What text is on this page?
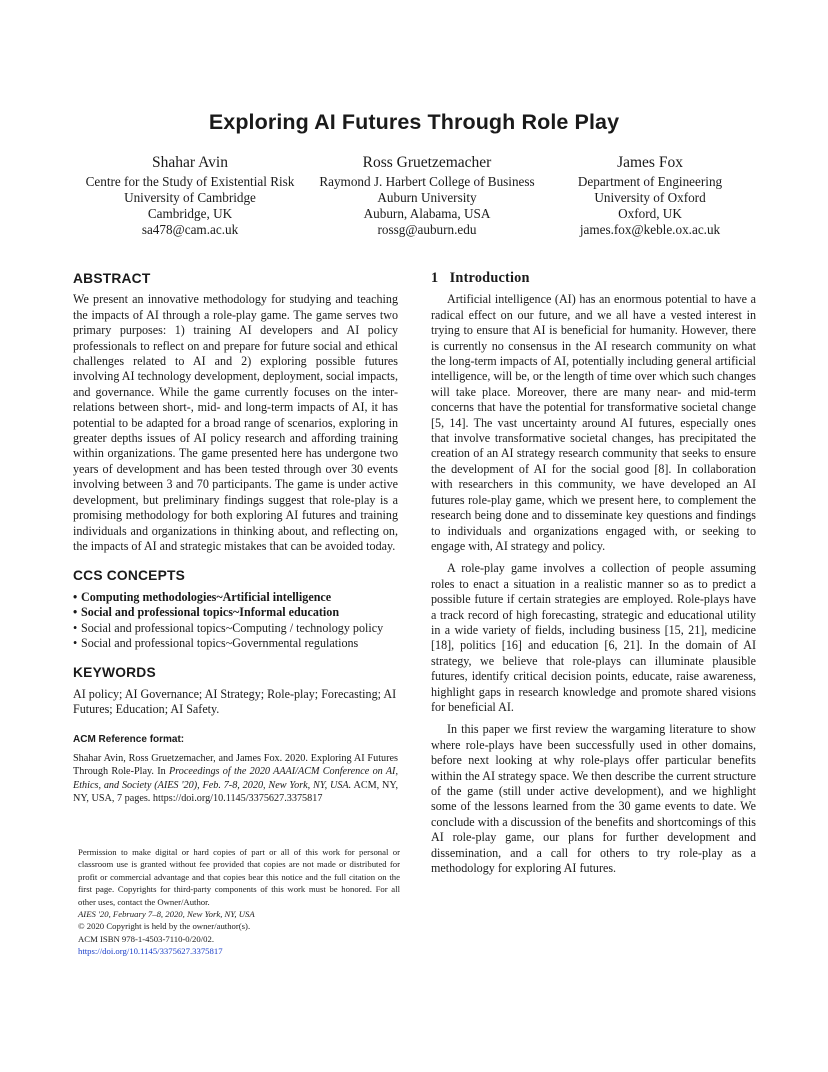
Exploring AI Futures Through Role Play
Shahar Avin
Centre for the Study of Existential Risk
University of Cambridge
Cambridge, UK
sa478@cam.ac.uk
Ross Gruetzemacher
Raymond J. Harbert College of Business
Auburn University
Auburn, Alabama, USA
rossg@auburn.edu
James Fox
Department of Engineering
University of Oxford
Oxford, UK
james.fox@keble.ox.ac.uk
ABSTRACT

We present an innovative methodology for studying and teaching the impacts of AI through a role-play game. The game serves two primary purposes: 1) training AI developers and AI policy professionals to reflect on and prepare for future social and ethical challenges related to AI and 2) exploring possible futures involving AI technology development, deployment, social impacts, and governance. While the game currently focuses on the inter-relations between short-, mid- and long-term impacts of AI, it has potential to be adapted for a broad range of scenarios, exploring in greater depths issues of AI policy research and affording training within organizations. The game presented here has undergone two years of development and has been tested through over 30 events involving between 3 and 70 participants. The game is under active development, but preliminary findings suggest that role-play is a promising methodology for both exploring AI futures and training individuals and organizations in thinking about, and reflecting on, the impacts of AI and strategic mistakes that can be avoided today.

CCS CONCEPTS
• Computing methodologies~Artificial intelligence
• Social and professional topics~Informal education
• Social and professional topics~Computing / technology policy
• Social and professional topics~Governmental regulations
KEYWORDS

AI policy; AI Governance; AI Strategy; Role-play; Forecasting; AI Futures; Education; AI Safety.

ACM Reference format:

Shahar Avin, Ross Gruetzemacher, and James Fox. 2020. Exploring AI Futures Through Role-Play. In Proceedings of the 2020 AAAI/ACM Conference on AI, Ethics, and Society (AIES '20), Feb. 7-8, 2020, New York, NY, USA. ACM, NY, NY, USA, 7 pages. https://doi.org/10.1145/3375627.3375817

Permission to make digital or hard copies of part or all of this work for personal or classroom use is granted without fee provided that copies are not made or distributed for profit or commercial advantage and that copies bear this notice and the full citation on the first page. Copyrights for third-party components of this work must be honored. For all other uses, contact the Owner/Author.

AIES '20, February 7–8, 2020, New York, NY, USA
© 2020 Copyright is held by the owner/author(s).
ACM ISBN 978-1-4503-7110-0/20/02.
https://doi.org/10.1145/3375627.3375817
1   Introduction

Artificial intelligence (AI) has an enormous potential to have a radical effect on our future, and we all have a vested interest in trying to ensure that AI is beneficial for humanity. However, there is currently no consensus in the AI research community on what the long-term impacts of AI, potentially including general artificial intelligence, will be, or the length of time over which such changes will take place. Moreover, there are many near- and mid-term concerns that have the potential for transformative societal change [5, 14]. The vast uncertainty around AI futures, especially ones that involve transformative societal changes, has precipitated the creation of an AI strategy research community that seeks to ensure the development of AI for the social good [8]. In collaboration with researchers in this community, we have developed an AI futures role-play game, which we present here, to complement the research being done and to disseminate key questions and findings to individuals and organizations engaged with, or seeking to engage with, AI strategy and policy.

A role-play game involves a collection of people assuming roles to enact a situation in a realistic manner so as to predict a possible future if certain strategies are employed. Role-plays have a track record of high forecasting, strategic and educational utility in a wide variety of fields, including business [15, 21], medicine [18], politics [16] and education [6, 21]. In the domain of AI strategy, we believe that role-plays can illuminate plausible futures, identify critical decision points, educate, raise awareness, highlight gaps in research knowledge and promote shared visions for beneficial AI.

In this paper we first review the wargaming literature to show where role-plays have been successfully used in other domains, before next looking at why role-plays offer particular benefits within the AI strategy space. We then describe the current structure of the game (still under active development), and we highlight some of the lessons learned from the 30 game events to date. We conclude with a discussion of the benefits and shortcomings of this AI role-play game, our plans for further development and dissemination, and a call for others to try role-play as a methodology for exploring AI futures.
